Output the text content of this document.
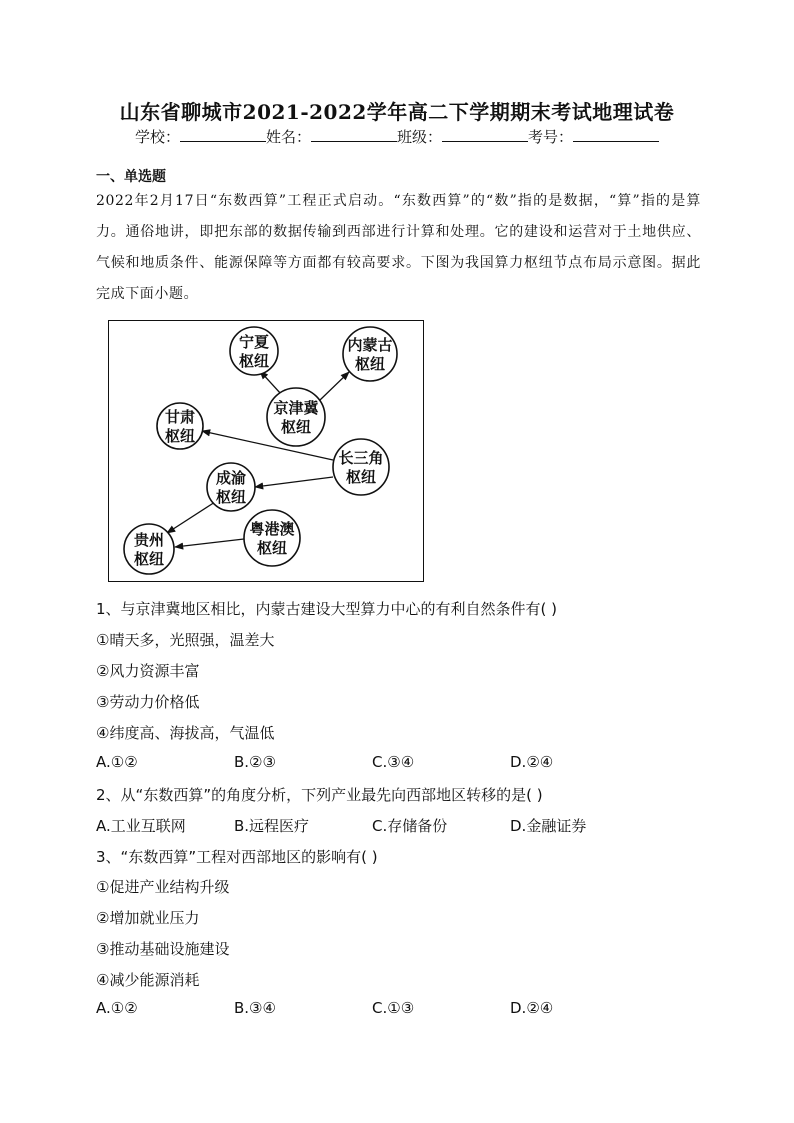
山东省聊城市2021-2022学年高二下学期期末考试地理试卷
学校：	姓名：	班级：	考号：
一、单选题
2022年2月17日“东数西算”工程正式启动。“东数西算”的“数”指的是数据，“算”指的是算力。通俗地讲，即把东部的数据传输到西部进行计算和处理。它的建设和运营对于土地供应、气候和地质条件、能源保障等方面都有较高要求。下图为我国算力枢纽节点布局示意图。据此完成下面小题。
宁夏
枢纽
内蒙古
枢纽
京津冀
枢纽
甘肃
枢纽
长三角
枢纽
成渝
枢纽
粤港澳
枢纽
贵州
枢纽
1、与京津冀地区相比，内蒙古建设大型算力中心的有利自然条件有( )
①晴天多，光照强，温差大
②风力资源丰富
③劳动力价格低
④纬度高、海拔高，气温低
A.①②	B.②③	C.③④	D.②④
2、从“东数西算”的角度分析，下列产业最先向西部地区转移的是( )
A.工业互联网	B.远程医疗	C.存储备份	D.金融证券
3、“东数西算”工程对西部地区的影响有( )
①促进产业结构升级
②增加就业压力
③推动基础设施建设
④减少能源消耗
A.①②	B.③④	C.①③	D.②④
